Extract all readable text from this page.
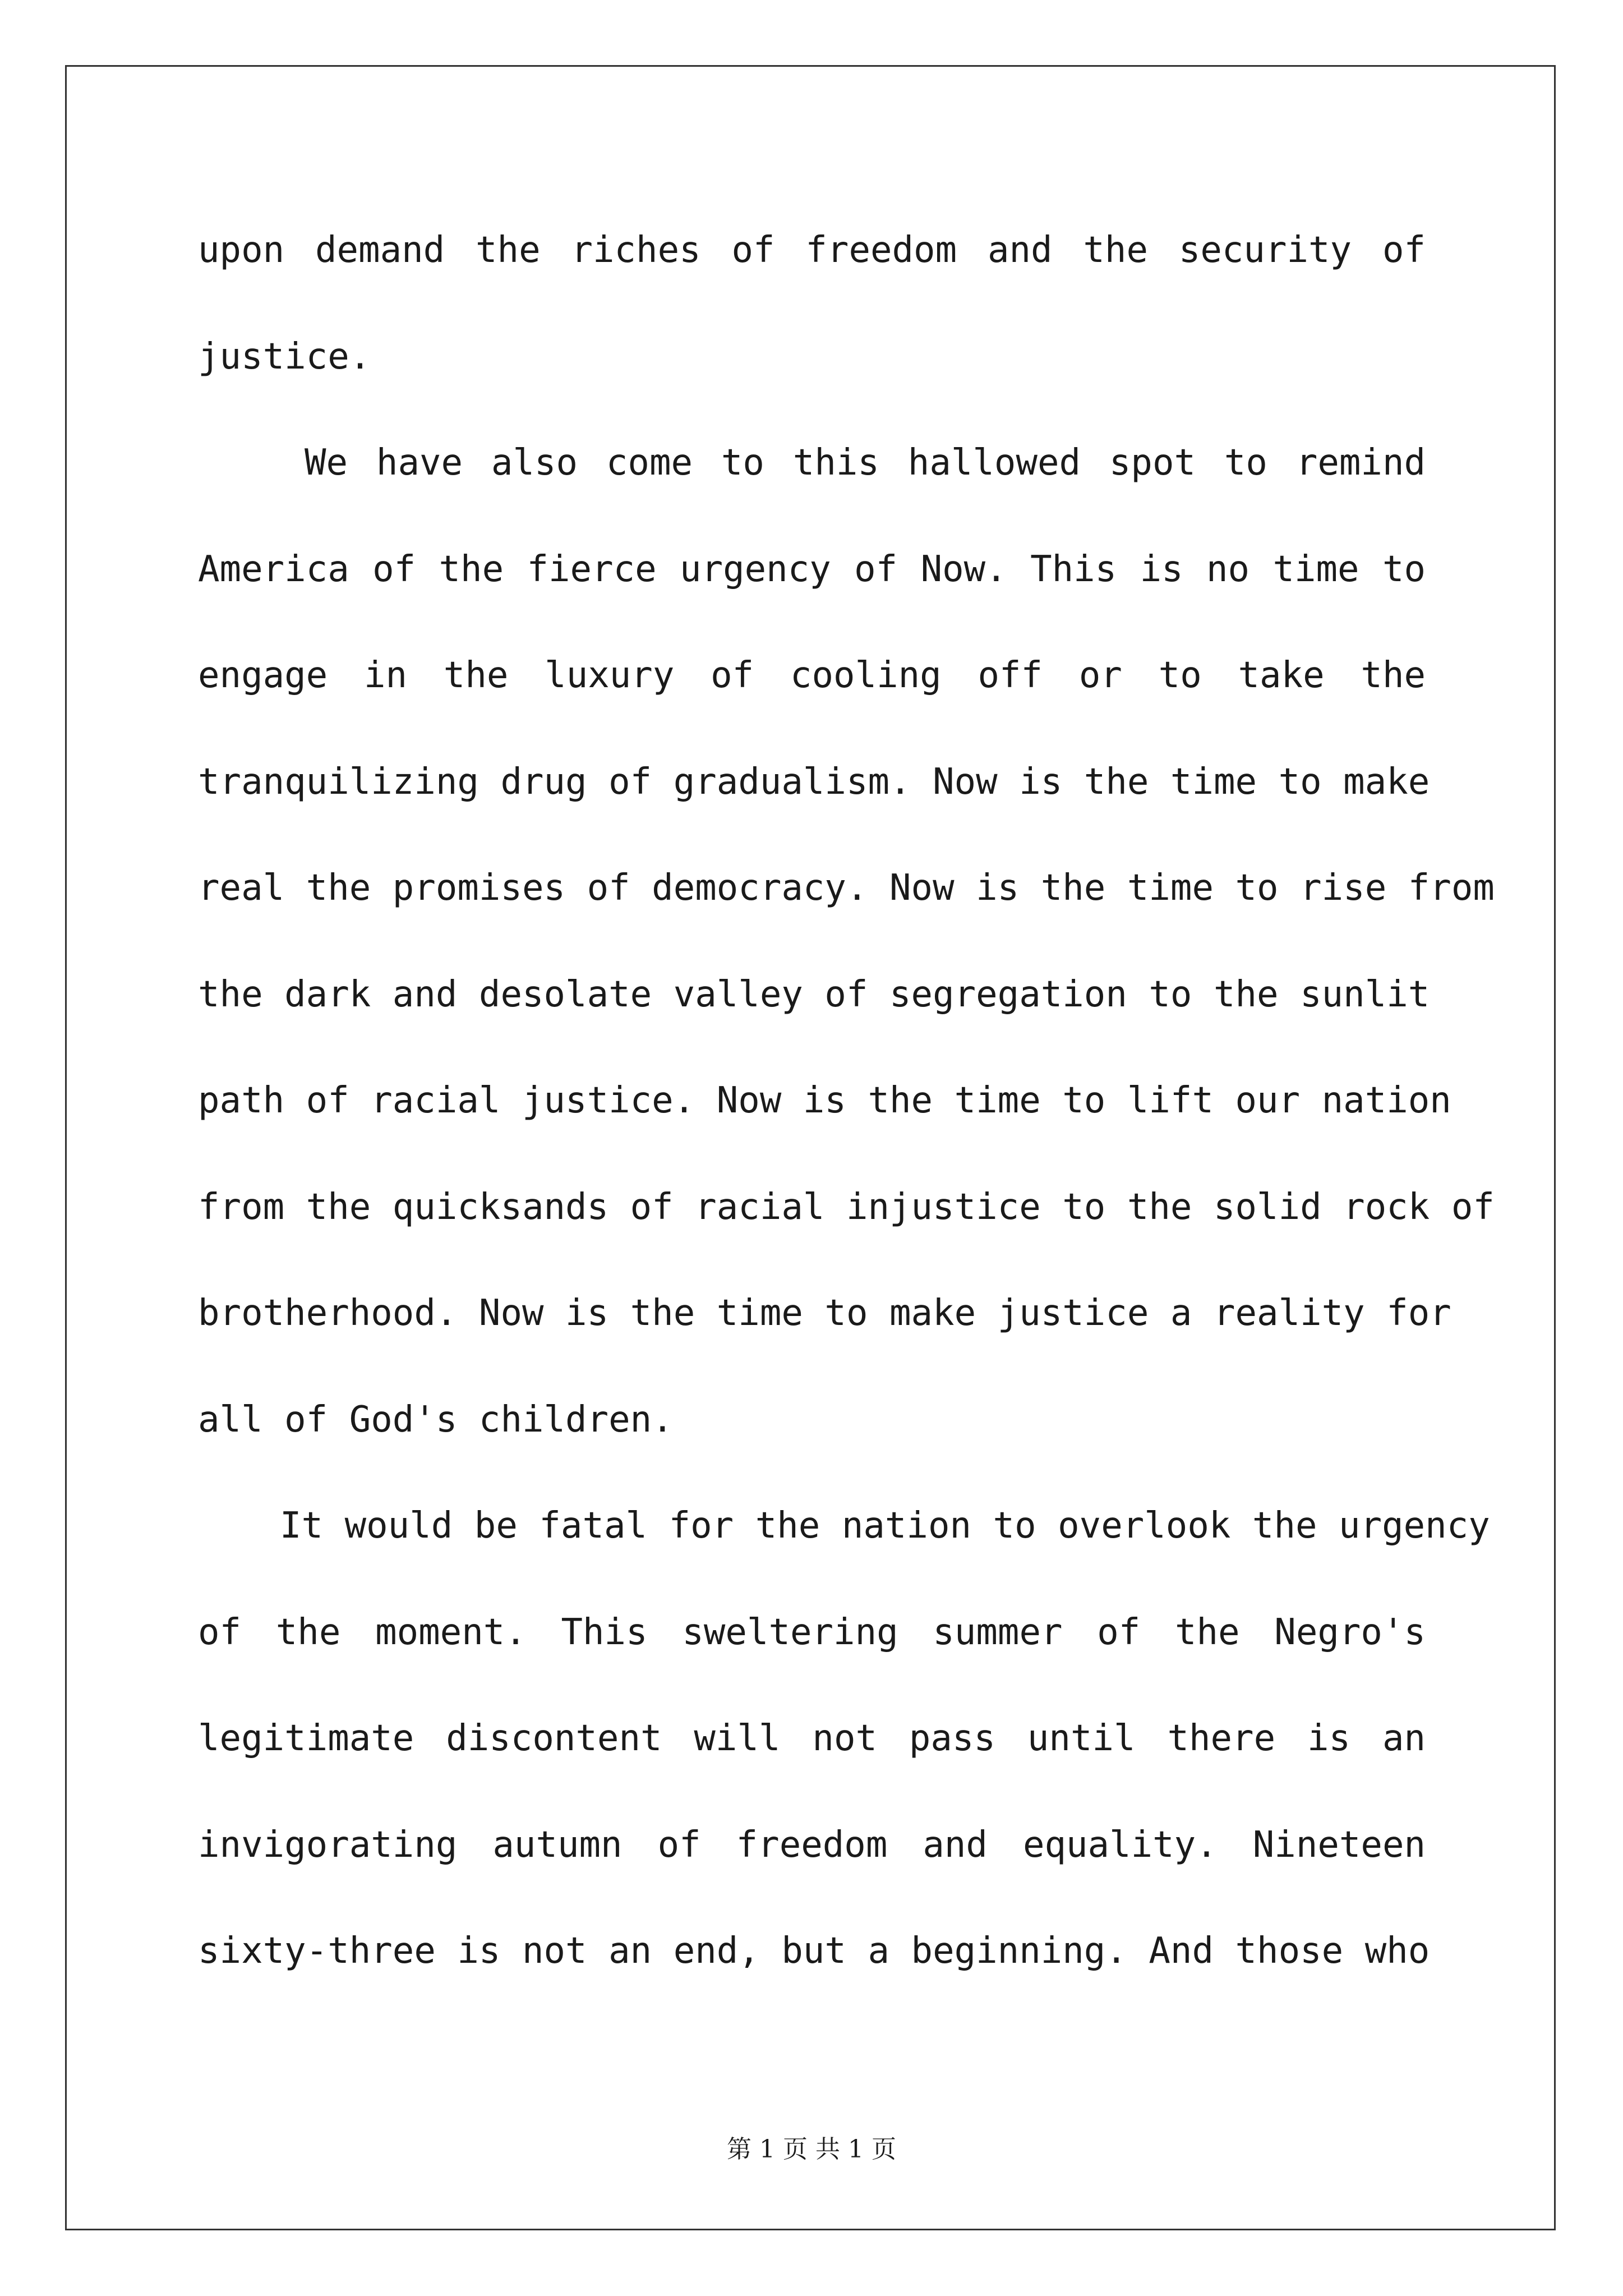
upon demand the riches of freedom and the security of
justice.
We have also come to this hallowed spot to remind
America of the fierce urgency of Now. This is no time to
engage in the luxury of cooling off or to take the
tranquilizing drug of gradualism. Now is the time to make
real the promises of democracy. Now is the time to rise from
the dark and desolate valley of segregation to the sunlit
path of racial justice. Now is the time to lift our nation
from the quicksands of racial injustice to the solid rock of
brotherhood. Now is the time to make justice a reality for
all of God's children.
It would be fatal for the nation to overlook the urgency
of the moment. This sweltering summer of the Negro's
legitimate discontent will not pass until there is an
invigorating autumn of freedom and equality. Nineteen
sixty-three is not an end, but a beginning. And those who
第 1 页 共 1 页
